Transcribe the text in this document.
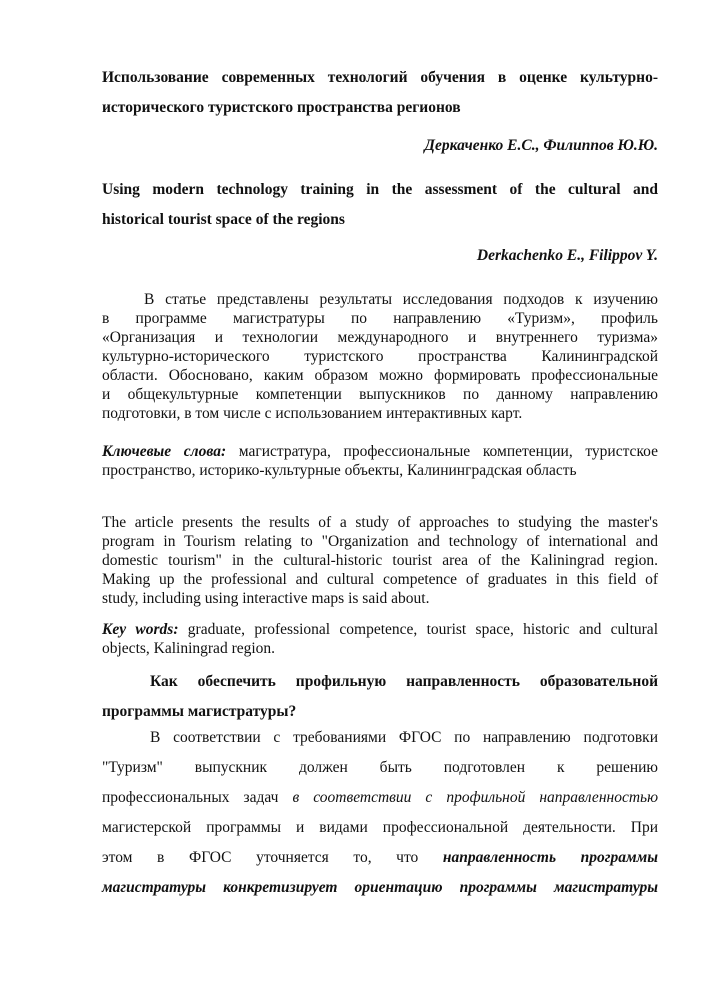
Использование современных технологий обучения в оценке культурно-

исторического туристского пространства регионов

Деркаченко Е.С., Филиппов Ю.Ю.

Using modern technology training in the assessment of the cultural and

historical tourist space of the regions

Derkachenko E., Filippov Y.

В статье представлены результаты исследования подходов к изучению

в программе магистратуры по направлению «Туризм», профиль

«Организация и технологии международного и внутреннего туризма»

культурно-исторического туристского пространства Калининградской

области. Обосновано, каким образом можно формировать профессиональные

и общекультурные компетенции выпускников по данному направлению

подготовки, в том числе с использованием интерактивных карт.

Ключевые слова: магистратура, профессиональные компетенции, туристское

пространство, историко-культурные объекты, Калининградская область

The article presents the results of a study of approaches to studying the master's

program in Tourism relating to "Organization and technology of international and

domestic tourism" in the cultural-historic tourist area of the Kaliningrad region.

Making up the professional and cultural competence of graduates in this field of

study, including using interactive maps is said about.

Key words: graduate, professional competence, tourist space, historic and cultural

objects, Kaliningrad region.

Как обеспечить профильную направленность образовательной

программы магистратуры?

В соответствии с требованиями ФГОС по направлению подготовки

"Туризм" выпускник должен быть подготовлен к решению

профессиональных задач в соответствии с профильной направленностью

магистерской программы и видами профессиональной деятельности. При

этом в ФГОС уточняется то, что направленность программы

магистратуры конкретизирует ориентацию программы магистратуры
